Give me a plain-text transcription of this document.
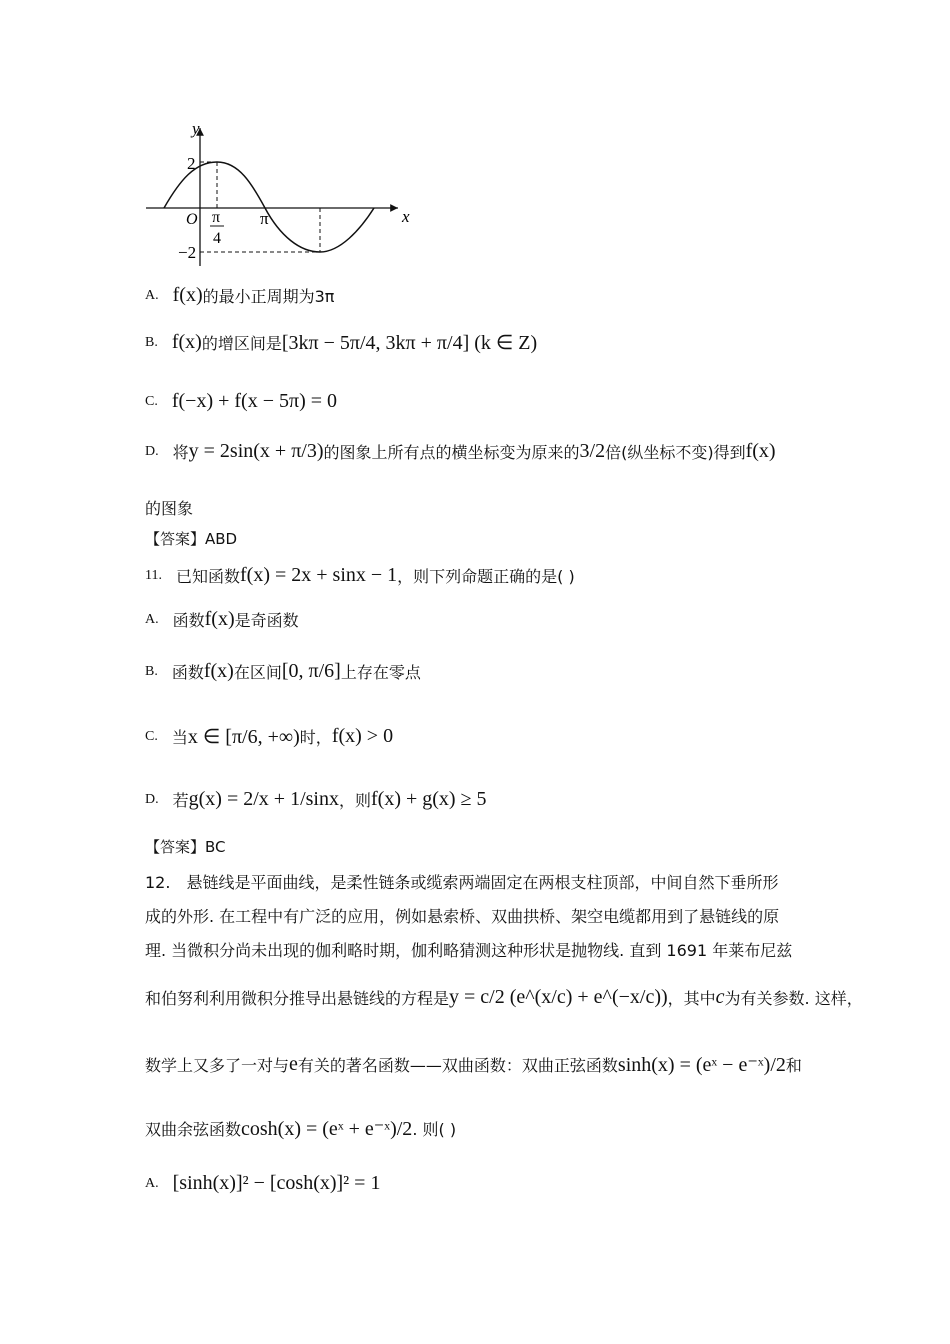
y
x
O
2
−2
π
π
4
A. f(x) 的最小正周期为3π
B. f(x) 的增区间是 [3kπ − 5π/4, 3kπ + π/4] (k ∈ Z)
C. f(−x) + f(x − 5π) = 0
D. 将 y = 2sin(x + π/3) 的图象上所有点的横坐标变为原来的 3/2 倍(纵坐标不变)得到 f(x)
的图象
【答案】ABD
11. 已知函数 f(x) = 2x + sinx − 1 ，则下列命题正确的是( )
A. 函数 f(x) 是奇函数
B. 函数 f(x) 在区间 [0, π/6] 上存在零点
C. 当 x ∈ [π/6, +∞) 时， f(x) > 0
D. 若 g(x) = 2/x + 1/sinx ，则 f(x) + g(x) ≥ 5
【答案】BC
12.　悬链线是平面曲线，是柔性链条或缆索两端固定在两根支柱顶部，中间自然下垂所形
成的外形. 在工程中有广泛的应用，例如悬索桥、双曲拱桥、架空电缆都用到了悬链线的原
理. 当微积分尚未出现的伽利略时期，伽利略猜测这种形状是抛物线. 直到 1691 年莱布尼兹
和伯努利利用微积分推导出悬链线的方程是 y = c/2 (e^(x/c) + e^(−x/c)) ，其中 c 为有关参数. 这样，
数学上又多了一对与 e 有关的著名函数——双曲函数：双曲正弦函数 sinh(x) = (eˣ − e⁻ˣ)/2 和
双曲余弦函数 cosh(x) = (eˣ + e⁻ˣ)/2 . 则( )
A. [sinh(x)]² − [cosh(x)]² = 1
